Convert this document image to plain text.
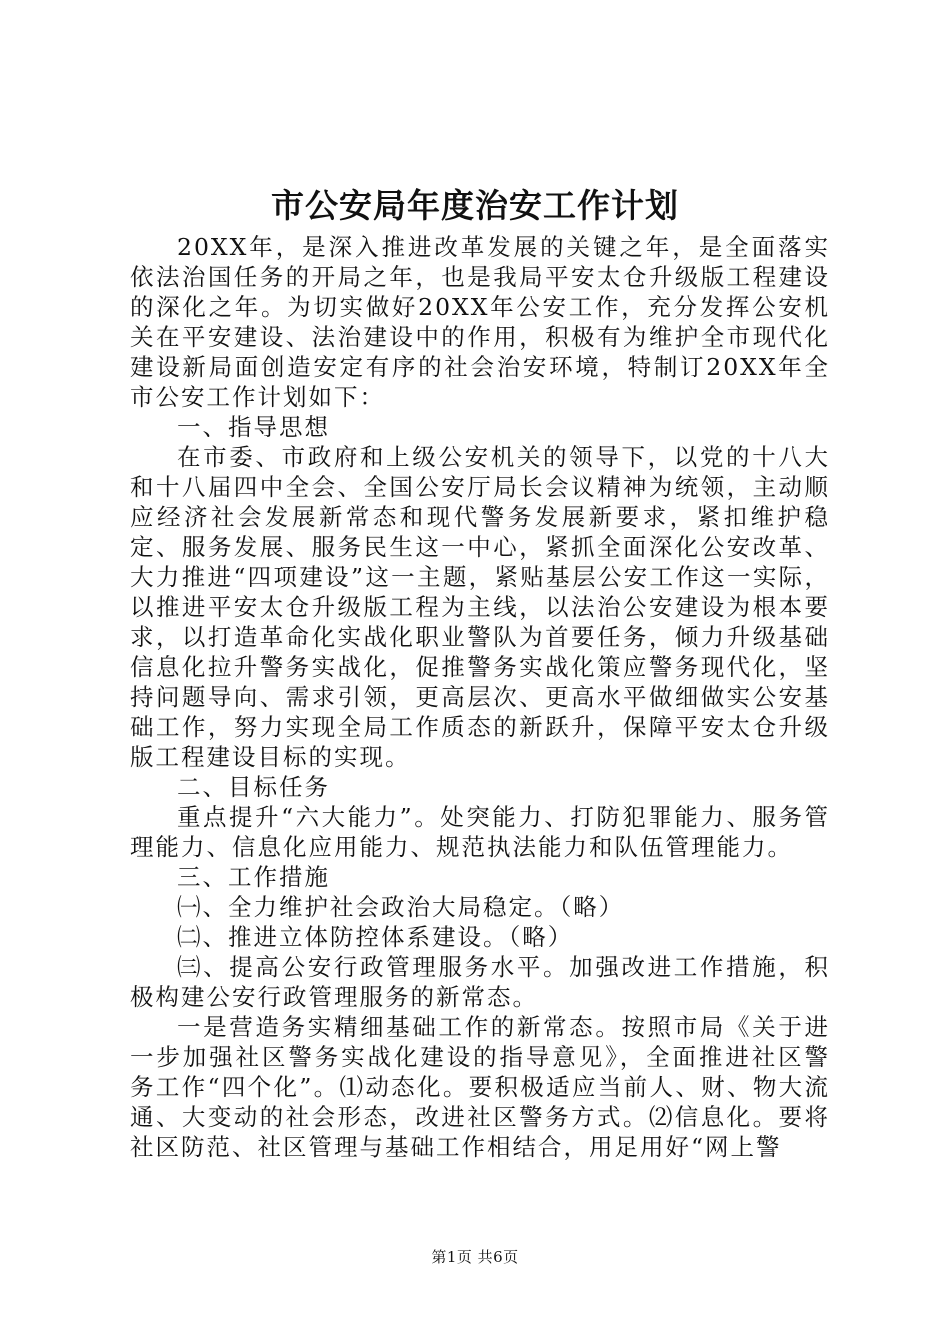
市公安局年度治安工作计划

20XX年，是深入推进改革发展的关键之年，是全面落实依法治国任务的开局之年，也是我局平安太仓升级版工程建设的深化之年。为切实做好20XX年公安工作，充分发挥公安机关在平安建设、法治建设中的作用，积极有为维护全市现代化建设新局面创造安定有序的社会治安环境，特制订20XX年全市公安工作计划如下：

一、指导思想

在市委、市政府和上级公安机关的领导下，以党的十八大和十八届四中全会、全国公安厅局长会议精神为统领，主动顺应经济社会发展新常态和现代警务发展新要求，紧扣维护稳定、服务发展、服务民生这一中心，紧抓全面深化公安改革、大力推进“四项建设”这一主题，紧贴基层公安工作这一实际，以推进平安太仓升级版工程为主线，以法治公安建设为根本要求，以打造革命化实战化职业警队为首要任务，倾力升级基础信息化拉升警务实战化，促推警务实战化策应警务现代化，坚持问题导向、需求引领，更高层次、更高水平做细做实公安基础工作，努力实现全局工作质态的新跃升，保障平安太仓升级版工程建设目标的实现。

二、目标任务

重点提升“六大能力”。处突能力、打防犯罪能力、服务管理能力、信息化应用能力、规范执法能力和队伍管理能力。

三、工作措施

㈠、全力维护社会政治大局稳定。（略）

㈡、推进立体防控体系建设。（略）

㈢、提高公安行政管理服务水平。加强改进工作措施，积极构建公安行政管理服务的新常态。

一是营造务实精细基础工作的新常态。按照市局《关于进一步加强社区警务实战化建设的指导意见》，全面推进社区警务工作“四个化”。⑴动态化。要积极适应当前人、财、物大流通、大变动的社会形态，改进社区警务方式。⑵信息化。要将社区防范、社区管理与基础工作相结合，用足用好“网上警

第1页 共6页
